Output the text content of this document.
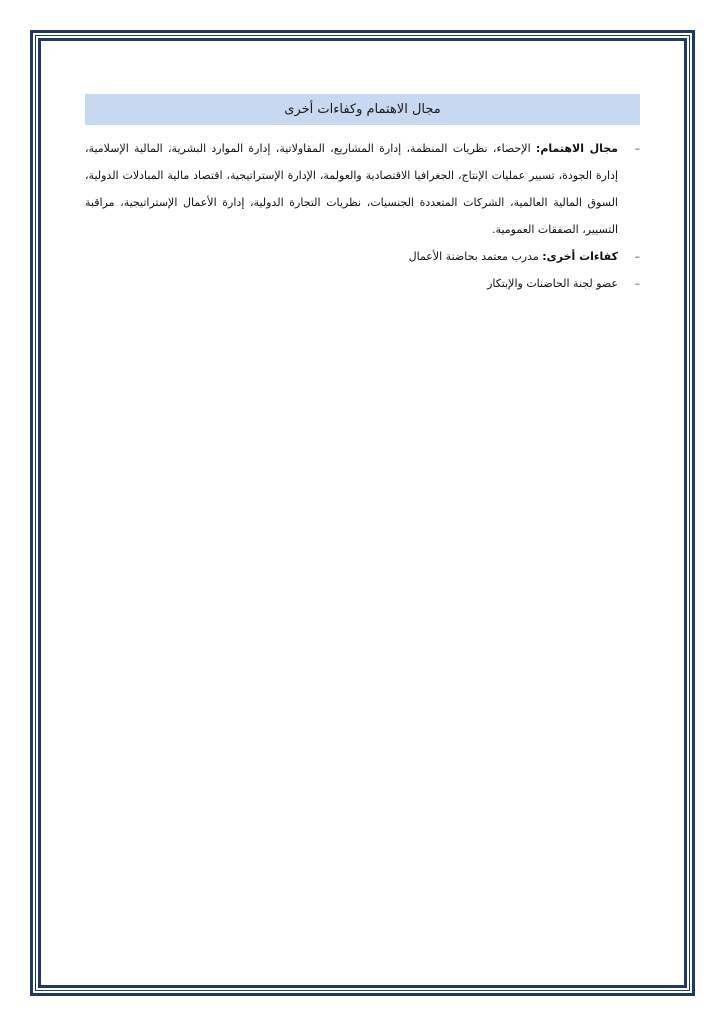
مجال الاهتمام وكفاءات أخرى
–
مجال الاهتمام: الإحصاء، نظريات المنظمة، إدارة المشاريع، المقاولاتية، إدارة الموارد البشرية، المالية الإسلامية، إدارة الجودة، تسيير عمليات الإنتاج، الجغرافيا الاقتصادية والعولمة، الإدارة الإستراتيجية، اقتصاد مالية المبادلات الدولية، السوق المالية العالمية، الشركات المتعددة الجنسيات، نظريات التجارة الدولية، إدارة الأعمال الإستراتيجية، مراقبة التسيير، الصفقات العمومية.
–
كفاءات أخرى: مدرب معتمد بحاضنة الأعمال
–
عضو لجنة الحاضنات والإبتكار
